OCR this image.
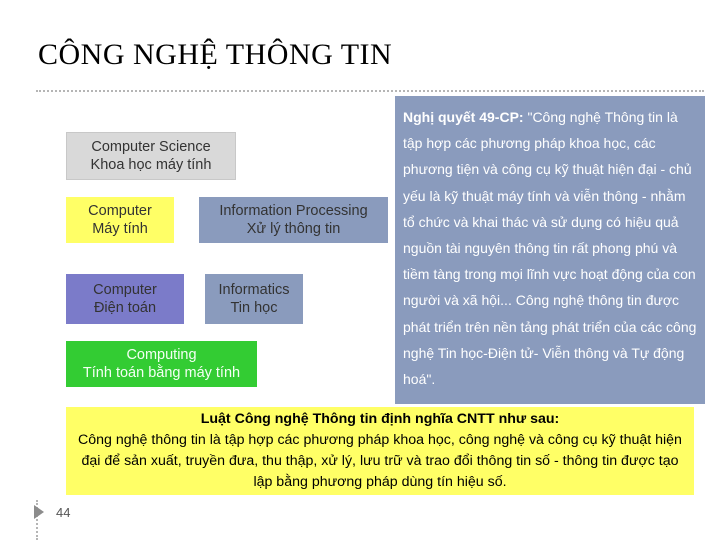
CÔNG NGHỆ THÔNG TIN
Computer Science
Khoa học máy tính
Computer
Máy tính
Information Processing
Xử lý thông tin
Computer
Điện toán
Informatics
Tin học
Computing
Tính toán bằng máy tính
Nghị quyết 49-CP: "Công nghệ Thông tin là tập hợp các phương pháp khoa học, các phương tiện và công cụ kỹ thuật hiện đại - chủ yếu là kỹ thuật máy tính và viễn thông - nhằm tổ chức và khai thác và sử dụng có hiệu quả nguồn tài nguyên thông tin rất phong phú và tiềm tàng trong mọi lĩnh vực hoạt động của con người và xã hội... Công nghệ thông tin được phát triển trên nền tảng phát triển của các công nghệ Tin học-Điện tử- Viễn thông và Tự động hoá".
Luật Công nghệ Thông tin định nghĩa CNTT như sau:
Công nghệ thông tin là tập hợp các phương pháp khoa học, công nghệ và công cụ kỹ thuật hiện đại để sản xuất, truyền đưa, thu thập, xử lý, lưu trữ và trao đổi thông tin số - thông tin được tạo lập bằng phương pháp dùng tín hiệu số.
44
